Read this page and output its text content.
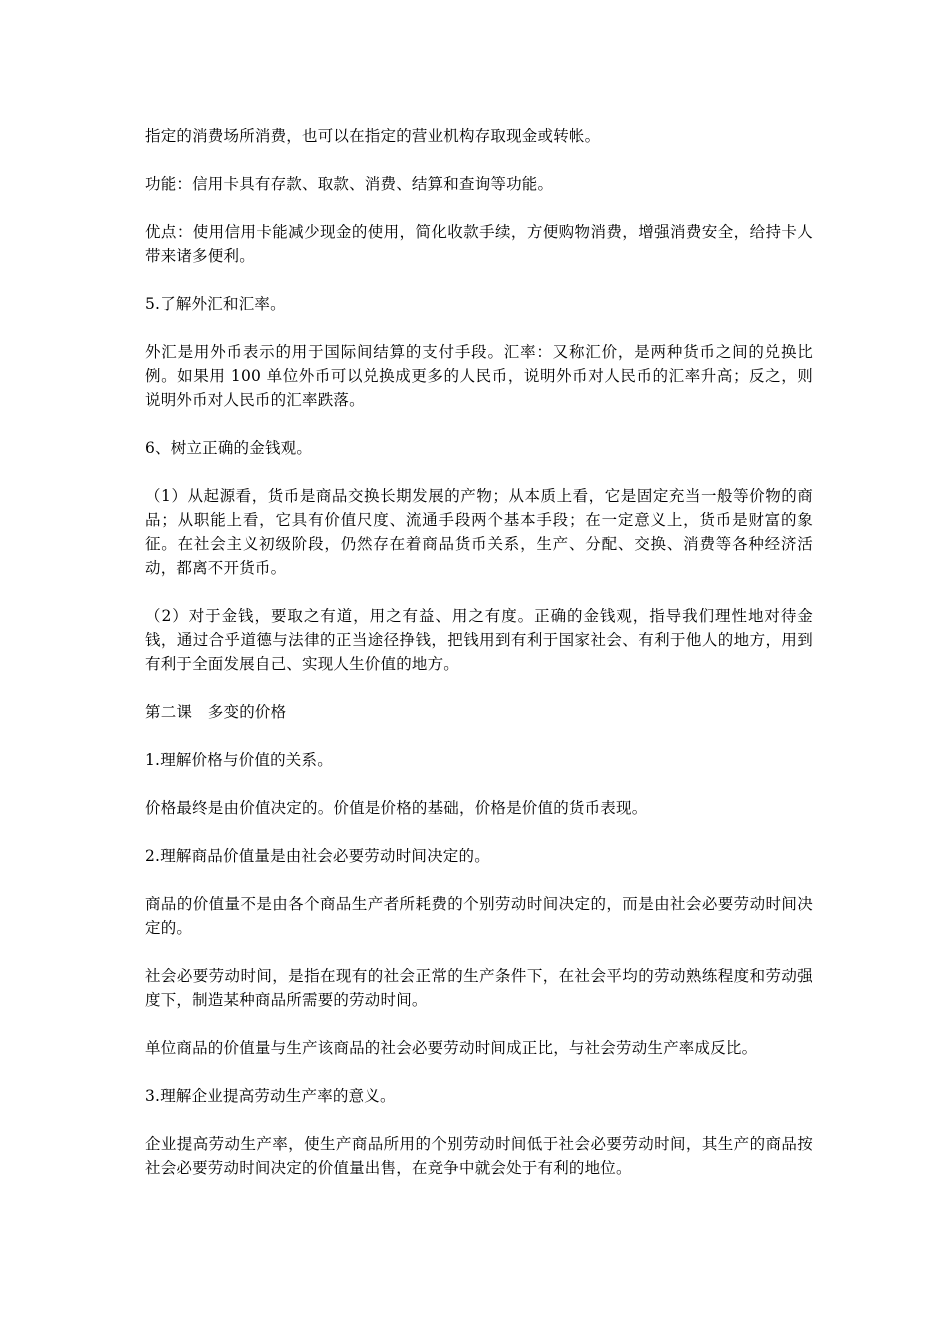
指定的消费场所消费，也可以在指定的营业机构存取现金或转帐。

功能：信用卡具有存款、取款、消费、结算和查询等功能。

优点：使用信用卡能减少现金的使用，简化收款手续，方便购物消费，增强消费安全，给持卡人带来诸多便利。

5.了解外汇和汇率。

外汇是用外币表示的用于国际间结算的支付手段。汇率：又称汇价，是两种货币之间的兑换比例。如果用 100 单位外币可以兑换成更多的人民币，说明外币对人民币的汇率升高；反之，则说明外币对人民币的汇率跌落。

6、树立正确的金钱观。

（1）从起源看，货币是商品交换长期发展的产物；从本质上看，它是固定充当一般等价物的商品；从职能上看，它具有价值尺度、流通手段两个基本手段；在一定意义上，货币是财富的象征。在社会主义初级阶段，仍然存在着商品货币关系，生产、分配、交换、消费等各种经济活动，都离不开货币。

（2）对于金钱，要取之有道，用之有益、用之有度。正确的金钱观，指导我们理性地对待金钱，通过合乎道德与法律的正当途径挣钱，把钱用到有利于国家社会、有利于他人的地方，用到有利于全面发展自己、实现人生价值的地方。

第二课　多变的价格

1.理解价格与价值的关系。

价格最终是由价值决定的。价值是价格的基础，价格是价值的货币表现。

2.理解商品价值量是由社会必要劳动时间决定的。

商品的价值量不是由各个商品生产者所耗费的个别劳动时间决定的，而是由社会必要劳动时间决定的。

社会必要劳动时间，是指在现有的社会正常的生产条件下，在社会平均的劳动熟练程度和劳动强度下，制造某种商品所需要的劳动时间。

单位商品的价值量与生产该商品的社会必要劳动时间成正比，与社会劳动生产率成反比。

3.理解企业提高劳动生产率的意义。

企业提高劳动生产率，使生产商品所用的个别劳动时间低于社会必要劳动时间，其生产的商品按社会必要劳动时间决定的价值量出售，在竞争中就会处于有利的地位。
